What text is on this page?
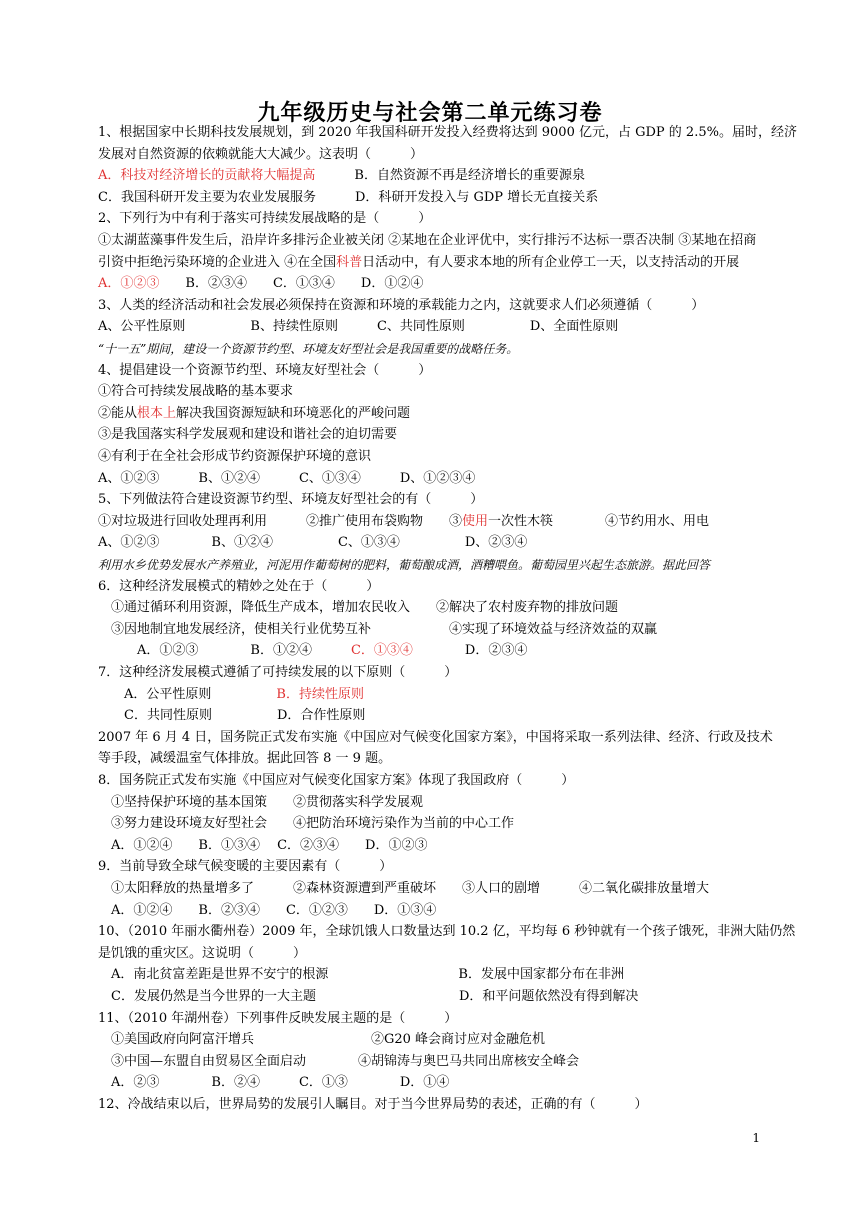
九年级历史与社会第二单元练习卷
1、根据国家中长期科技发展规划，到 2020 年我国科研开发投入经费将达到 9000 亿元，占 GDP 的 2.5%。届时，经济
发展对自然资源的依赖就能大大减少。这表明（　　　）
A．科技对经济增长的贡献将大幅提高　　　B．自然资源不再是经济增长的重要源泉
C．我国科研开发主要为农业发展服务　　　D．科研开发投入与 GDP 增长无直接关系
2、下列行为中有利于落实可持续发展战略的是（　　　）
①太湖蓝藻事件发生后，沿岸许多排污企业被关闭 ②某地在企业评优中，实行排污不达标一票否决制 ③某地在招商
引资中拒绝污染环境的企业进入 ④在全国科普日活动中，有人要求本地的所有企业停工一天，以支持活动的开展
A．①②③　　B．②③④　　C．①③④　　D．①②④
3、人类的经济活动和社会发展必须保持在资源和环境的承载能力之内，这就要求人们必须遵循（　　　）
A、公平性原则　　　　　B、持续性原则　　　C、共同性原则　　　　　D、全面性原则
“十一五”期间，建设一个资源节约型、环境友好型社会是我国重要的战略任务。
4、提倡建设一个资源节约型、环境友好型社会（　　　）
①符合可持续发展战略的基本要求
②能从根本上解决我国资源短缺和环境恶化的严峻问题
③是我国落实科学发展观和建设和谐社会的迫切需要
④有利于在全社会形成节约资源保护环境的意识
A、①②③　　　B、①②④　　　C、①③④　　　D、①②③④
5、下列做法符合建设资源节约型、环境友好型社会的有（　　　）
①对垃圾进行回收处理再利用　　　②推广使用布袋购物　　③使用一次性木筷　　　　④节约用水、用电
A、①②③　　　　B、①②④　　　　　C、①③④　　　　　D、②③④
利用水乡优势发展水产养殖业，河泥用作葡萄树的肥料，葡萄酿成酒，酒糟喂鱼。葡萄园里兴起生态旅游。据此回答
6．这种经济发展模式的精妙之处在于（　　　）
　①通过循环利用资源，降低生产成本，增加农民收入　　②解决了农村废弃物的排放问题
　③因地制宜地发展经济，使相关行业优势互补　　　　　　④实现了环境效益与经济效益的双赢
　　　A．①②③　　　　B．①②④　　　C．①③④　　　　D．②③④
7．这种经济发展模式遵循了可持续发展的以下原则（　　　）
　　A．公平性原则　　　　　B．持续性原则
　　C．共同性原则　　　　　D．合作性原则
2007 年 6 月 4 日，国务院正式发布实施《中国应对气候变化国家方案》，中国将采取一系列法律、经济、行政及技术
等手段，减缓温室气体排放。据此回答 8 一 9 题。
8．国务院正式发布实施《中国应对气候变化国家方案》体现了我国政府（　　　）
　①坚持保护环境的基本国策　　②贯彻落实科学发展观
　③努力建设环境友好型社会　　④把防治环境污染作为当前的中心工作
　A．①②④　　B．①③④　 C．②③④　　D．①②③
9．当前导致全球气候变暖的主要因素有（　　　）
　①太阳释放的热量增多了　　　②森林资源遭到严重破坏　　③人口的剧增　　　④二氧化碳排放量增大
　A．①②④　　B．②③④　　C．①②③　　D．①③④
10、（2010 年丽水衢州卷）2009 年，全球饥饿人口数量达到 10.2 亿，平均每 6 秒钟就有一个孩子饿死，非洲大陆仍然
是饥饿的重灾区。这说明（　　　）
　A．南北贫富差距是世界不安宁的根源　　　　　　　　　　B．发展中国家都分布在非洲
　C．发展仍然是当今世界的一大主题　　　　　　　　　　　D．和平问题依然没有得到解决
11、（2010 年湖州卷）下列事件反映发展主题的是（　　　）
　①美国政府向阿富汗增兵　　　　　　　　　②G20 峰会商讨应对金融危机
　③中国—东盟自由贸易区全面启动　　　　④胡锦涛与奥巴马共同出席核安全峰会
　A．②③　　　　B．②④　　　C．①③　　　　D．①④
12、冷战结束以后，世界局势的发展引人瞩目。对于当今世界局势的表述，正确的有（　　　）
1
